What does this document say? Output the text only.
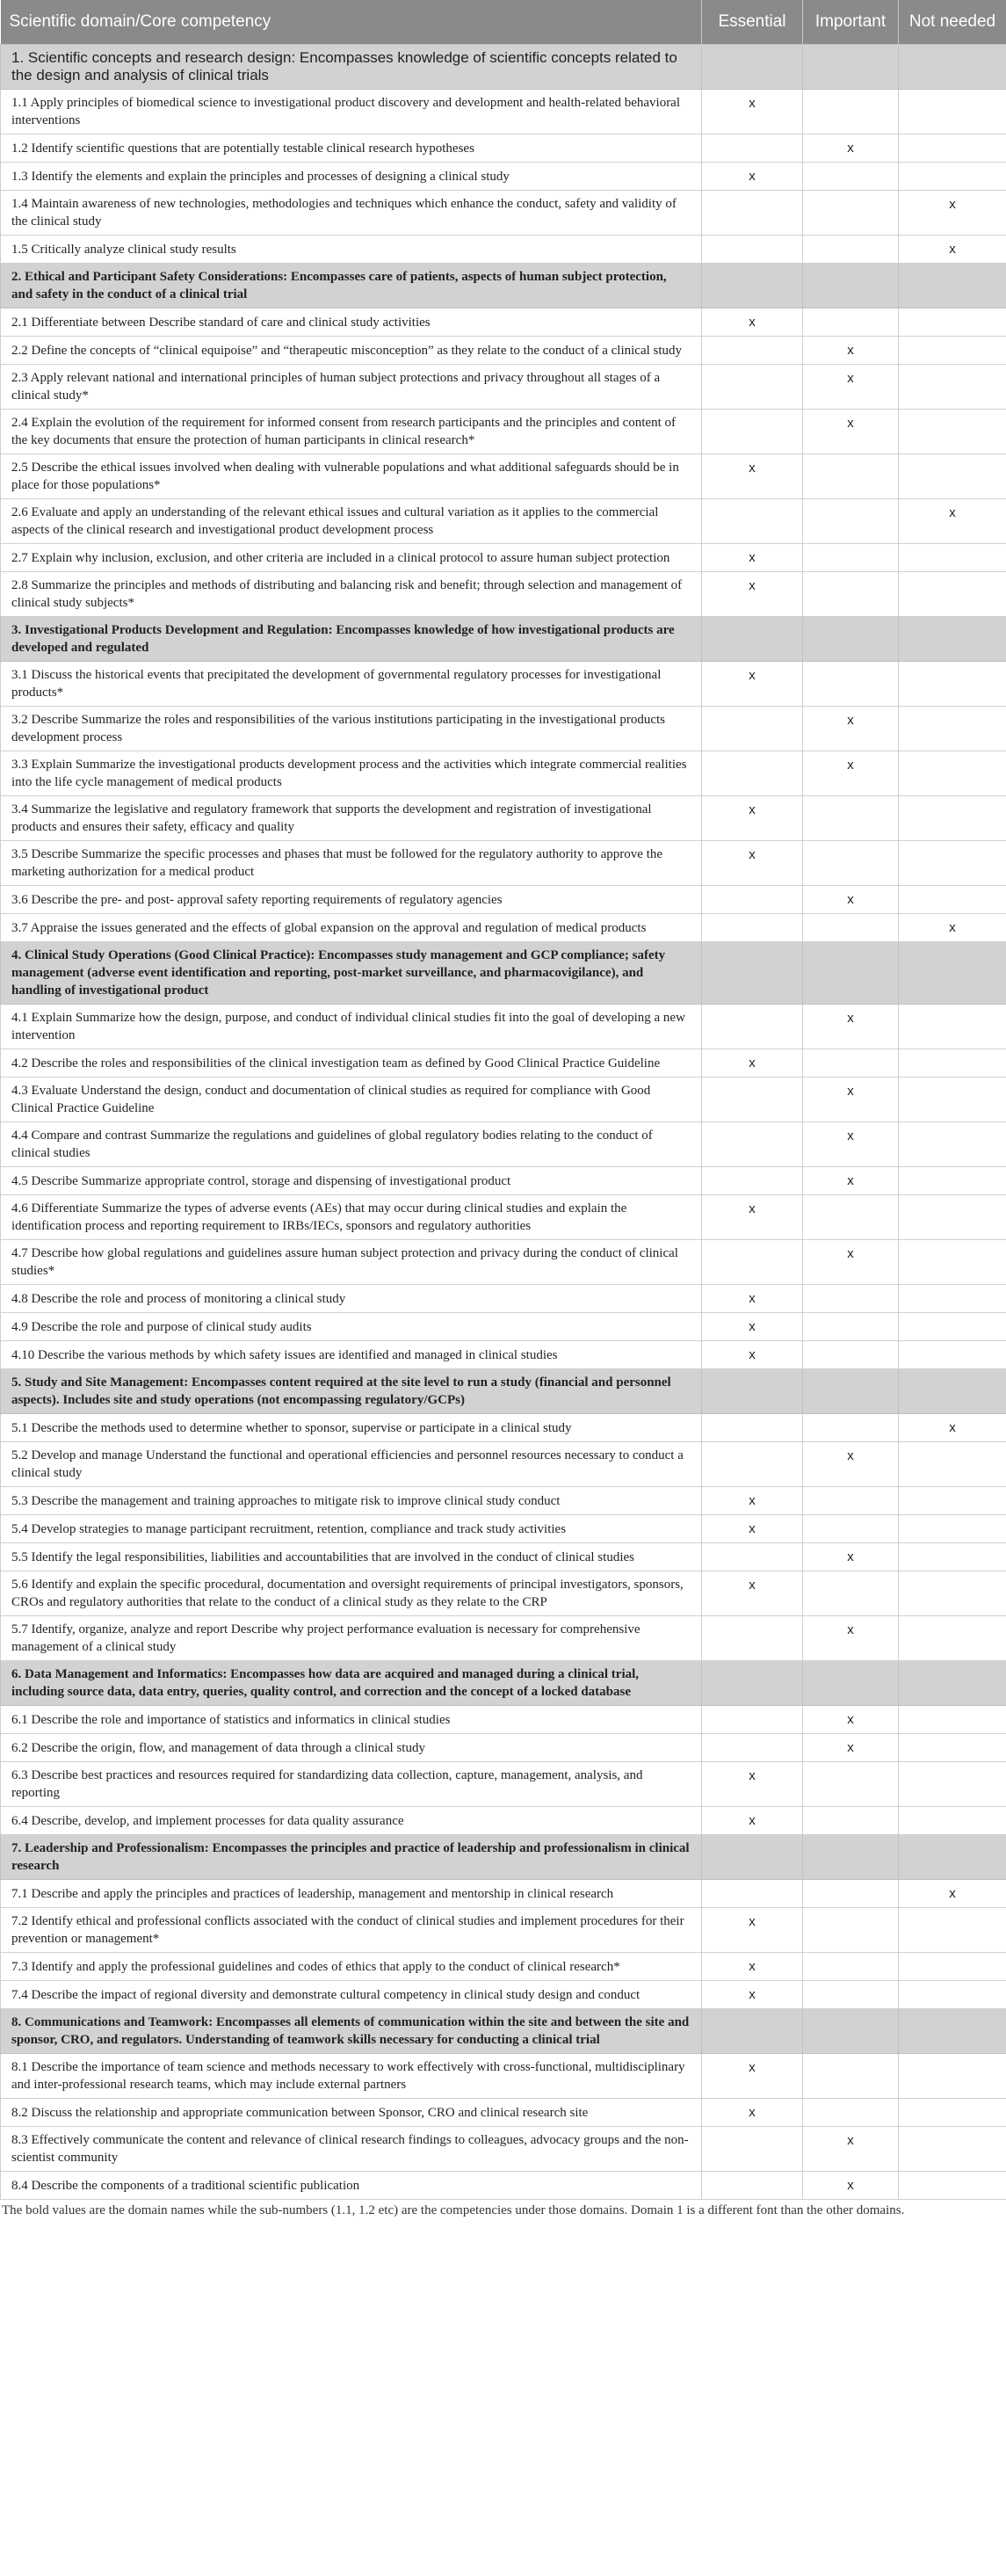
Scientific domain/Core competency	Essential	Important	Not needed
1. Scientific concepts and research design: Encompasses knowledge of scientific concepts related to the design and analysis of clinical trials			
1.1 Apply principles of biomedical science to investigational product discovery and development and health-related behavioral interventions	x		
1.2 Identify scientific questions that are potentially testable clinical research hypotheses		x	
1.3 Identify the elements and explain the principles and processes of designing a clinical study	x		
1.4 Maintain awareness of new technologies, methodologies and techniques which enhance the conduct, safety and validity of the clinical study			x
1.5 Critically analyze clinical study results			x
2. Ethical and Participant Safety Considerations: Encompasses care of patients, aspects of human subject protection, and safety in the conduct of a clinical trial			
2.1 Differentiate between Describe standard of care and clinical study activities	x		
2.2 Define the concepts of “clinical equipoise” and “therapeutic misconception” as they relate to the conduct of a clinical study		x	
2.3 Apply relevant national and international principles of human subject protections and privacy throughout all stages of a clinical study*		x	
2.4 Explain the evolution of the requirement for informed consent from research participants and the principles and content of the key documents that ensure the protection of human participants in clinical research*		x	
2.5 Describe the ethical issues involved when dealing with vulnerable populations and what additional safeguards should be in place for those populations*	x		
2.6 Evaluate and apply an understanding of the relevant ethical issues and cultural variation as it applies to the commercial aspects of the clinical research and investigational product development process			x
2.7 Explain why inclusion, exclusion, and other criteria are included in a clinical protocol to assure human subject protection	x		
2.8 Summarize the principles and methods of distributing and balancing risk and benefit; through selection and management of clinical study subjects*	x		
3. Investigational Products Development and Regulation: Encompasses knowledge of how investigational products are developed and regulated			
3.1 Discuss the historical events that precipitated the development of governmental regulatory processes for investigational products*	x		
3.2 Describe Summarize the roles and responsibilities of the various institutions participating in the investigational products development process		x	
3.3 Explain Summarize the investigational products development process and the activities which integrate commercial realities into the life cycle management of medical products		x	
3.4 Summarize the legislative and regulatory framework that supports the development and registration of investigational products and ensures their safety, efficacy and quality	x		
3.5 Describe Summarize the specific processes and phases that must be followed for the regulatory authority to approve the marketing authorization for a medical product	x		
3.6 Describe the pre- and post- approval safety reporting requirements of regulatory agencies		x	
3.7 Appraise the issues generated and the effects of global expansion on the approval and regulation of medical products			x
4. Clinical Study Operations (Good Clinical Practice): Encompasses study management and GCP compliance; safety management (adverse event identification and reporting, post-market surveillance, and pharmacovigilance), and handling of investigational product			
4.1 Explain Summarize how the design, purpose, and conduct of individual clinical studies fit into the goal of developing a new intervention		x	
4.2 Describe the roles and responsibilities of the clinical investigation team as defined by Good Clinical Practice Guideline	x		
4.3 Evaluate Understand the design, conduct and documentation of clinical studies as required for compliance with Good Clinical Practice Guideline		x	
4.4 Compare and contrast Summarize the regulations and guidelines of global regulatory bodies relating to the conduct of clinical studies		x	
4.5 Describe Summarize appropriate control, storage and dispensing of investigational product		x	
4.6 Differentiate Summarize the types of adverse events (AEs) that may occur during clinical studies and explain the identification process and reporting requirement to IRBs/IECs, sponsors and regulatory authorities	x		
4.7 Describe how global regulations and guidelines assure human subject protection and privacy during the conduct of clinical studies*		x	
4.8 Describe the role and process of monitoring a clinical study	x		
4.9 Describe the role and purpose of clinical study audits	x		
4.10 Describe the various methods by which safety issues are identified and managed in clinical studies	x		
5. Study and Site Management: Encompasses content required at the site level to run a study (financial and personnel aspects). Includes site and study operations (not encompassing regulatory/GCPs)			
5.1 Describe the methods used to determine whether to sponsor, supervise or participate in a clinical study			x
5.2 Develop and manage Understand the functional and operational efficiencies and personnel resources necessary to conduct a clinical study		x	
5.3 Describe the management and training approaches to mitigate risk to improve clinical study conduct	x		
5.4 Develop strategies to manage participant recruitment, retention, compliance and track study activities	x		
5.5 Identify the legal responsibilities, liabilities and accountabilities that are involved in the conduct of clinical studies		x	
5.6 Identify and explain the specific procedural, documentation and oversight requirements of principal investigators, sponsors, CROs and regulatory authorities that relate to the conduct of a clinical study as they relate to the CRP	x		
5.7 Identify, organize, analyze and report Describe why project performance evaluation is necessary for comprehensive management of a clinical study		x	
6. Data Management and Informatics: Encompasses how data are acquired and managed during a clinical trial, including source data, data entry, queries, quality control, and correction and the concept of a locked database			
6.1 Describe the role and importance of statistics and informatics in clinical studies		x	
6.2 Describe the origin, flow, and management of data through a clinical study		x	
6.3 Describe best practices and resources required for standardizing data collection, capture, management, analysis, and reporting	x		
6.4 Describe, develop, and implement processes for data quality assurance	x		
7. Leadership and Professionalism: Encompasses the principles and practice of leadership and professionalism in clinical research			
7.1 Describe and apply the principles and practices of leadership, management and mentorship in clinical research			x
7.2 Identify ethical and professional conflicts associated with the conduct of clinical studies and implement procedures for their prevention or management*	x		
7.3 Identify and apply the professional guidelines and codes of ethics that apply to the conduct of clinical research*	x		
7.4 Describe the impact of regional diversity and demonstrate cultural competency in clinical study design and conduct	x		
8. Communications and Teamwork: Encompasses all elements of communication within the site and between the site and sponsor, CRO, and regulators. Understanding of teamwork skills necessary for conducting a clinical trial			
8.1 Describe the importance of team science and methods necessary to work effectively with cross-functional, multidisciplinary and inter-professional research teams, which may include external partners	x		
8.2 Discuss the relationship and appropriate communication between Sponsor, CRO and clinical research site	x		
8.3 Effectively communicate the content and relevance of clinical research findings to colleagues, advocacy groups and the non-scientist community		x	
8.4 Describe the components of a traditional scientific publication		x	
The bold values are the domain names while the sub-numbers (1.1, 1.2 etc) are the competencies under those domains. Domain 1 is a different font than the other domains.
